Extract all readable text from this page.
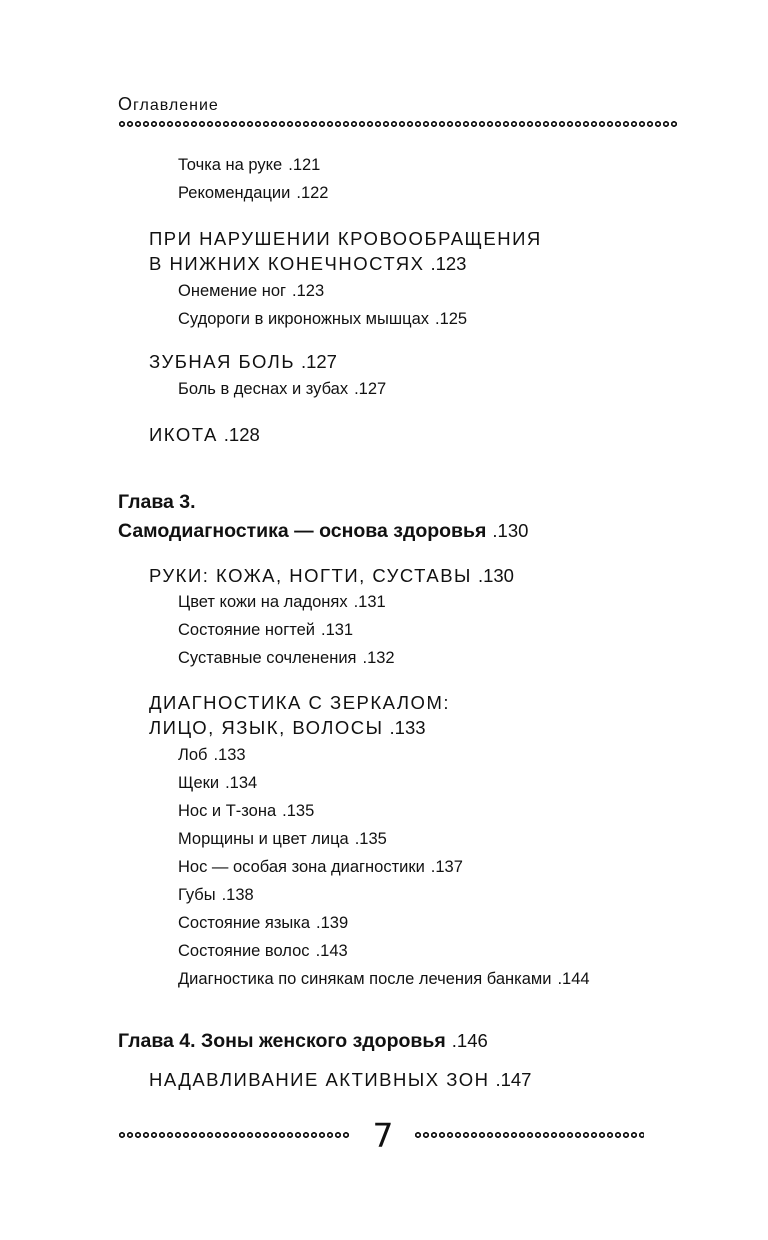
Оглавление
Точка на руке .121
Рекомендации .122
ПРИ НАРУШЕНИИ КРОВООБРАЩЕНИЯ
В НИЖНИХ КОНЕЧНОСТЯХ .123
Онемение ног .123
Судороги в икроножных мышцах .125
ЗУБНАЯ БОЛЬ .127
Боль в деснах и зубах .127
ИКОТА .128
Глава 3.
Самодиагностика — основа здоровья .130
РУКИ: КОЖА, НОГТИ, СУСТАВЫ .130
Цвет кожи на ладонях .131
Состояние ногтей .131
Суставные сочленения .132
ДИАГНОСТИКА С ЗЕРКАЛОМ:
ЛИЦО, ЯЗЫК, ВОЛОСЫ .133
Лоб .133
Щеки .134
Нос и Т-зона .135
Морщины и цвет лица .135
Нос — особая зона диагностики .137
Губы .138
Состояние языка .139
Состояние волос .143
Диагностика по синякам после лечения банками .144
Глава 4. Зоны женского здоровья .146
НАДАВЛИВАНИЕ АКТИВНЫХ ЗОН .147
7
